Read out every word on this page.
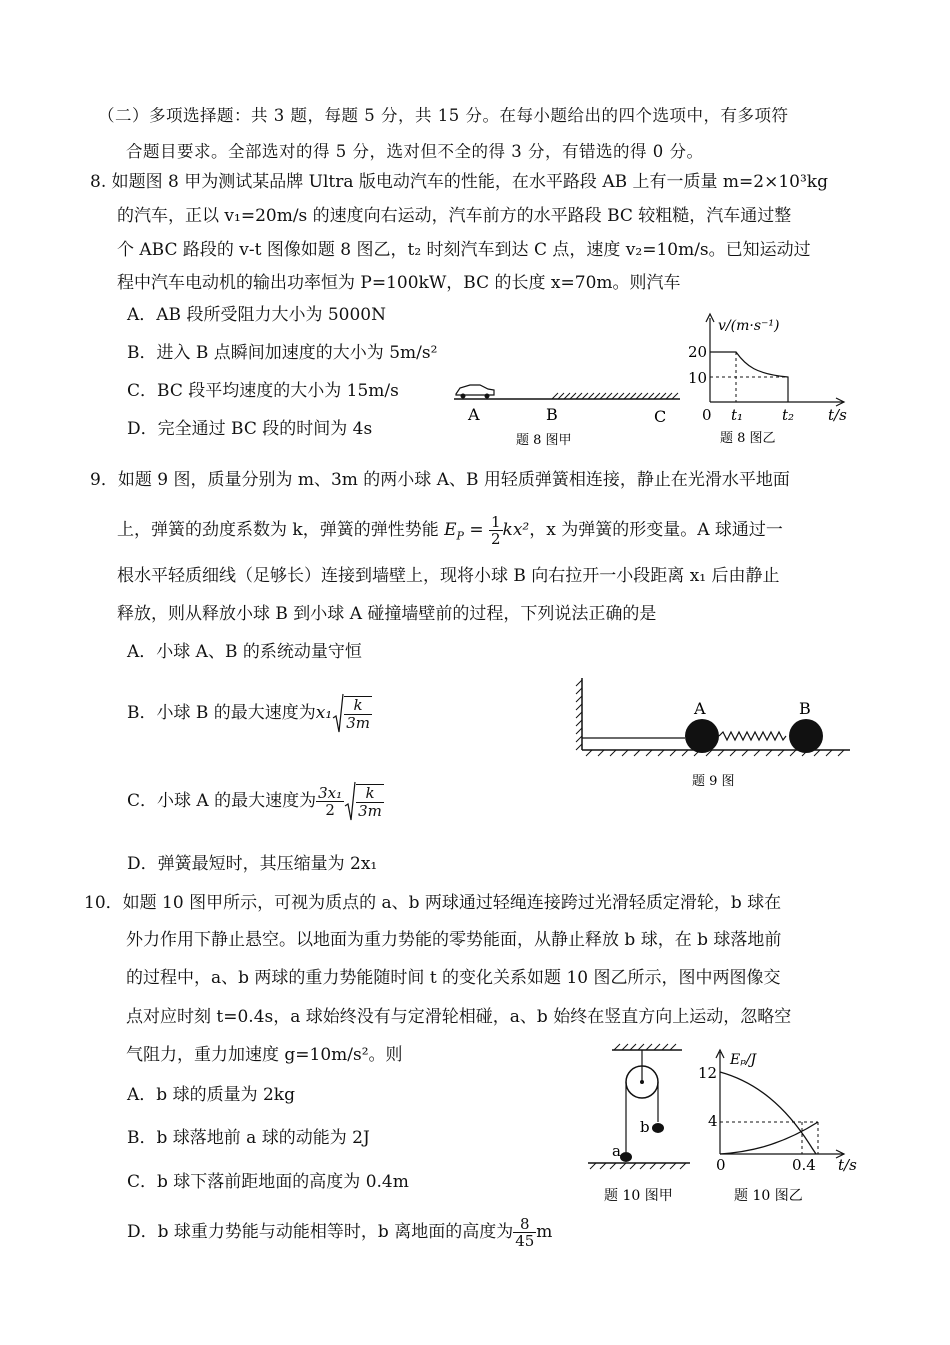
（二）多项选择题：共 3 题，每题 5 分，共 15 分。在每小题给出的四个选项中，有多项符
合题目要求。全部选对的得 5 分，选对但不全的得 3 分，有错选的得 0 分。
8. 如题图 8 甲为测试某品牌 Ultra 版电动汽车的性能，在水平路段 AB 上有一质量 m=2×10³kg
的汽车，正以 v₁=20m/s 的速度向右运动，汽车前方的水平路段 BC 较粗糙，汽车通过整
个 ABC 路段的 v-t 图像如题 8 图乙，t₂ 时刻汽车到达 C 点，速度 v₂=10m/s。已知运动过
程中汽车电动机的输出功率恒为 P=100kW，BC 的长度 x=70m。则汽车
A．AB 段所受阻力大小为 5000N
B．进入 B 点瞬间加速度的大小为 5m/s²
C．BC 段平均速度的大小为 15m/s
D．完全通过 BC 段的时间为 4s
A	B	C
题 8 图甲
v/(m·s⁻¹)
20
10
0 t₁	t₂ t/s
题 8 图乙
9．如题 9 图，质量分别为 m、3m 的两小球 A、B 用轻质弹簧相连接，静止在光滑水平地面
上，弹簧的劲度系数为 k，弹簧的弹性势能 $E_P = \frac{1}{2} kx^2$，x 为弹簧的形变量。A 球通过一
根水平轻质细线（足够长）连接到墙壁上，现将小球 B 向右拉开一小段距离 x₁ 后由静止
释放，则从释放小球 B 到小球 A 碰撞墙壁前的过程，下列说法正确的是
A．小球 A、B 的系统动量守恒
B．小球 B 的最大速度为$x_1 \frac{k}{3m}$
C．小球 A 的最大速度为 $\frac{\text{3x₁}}{2} \frac{k}{3m}$
D．弹簧最短时，其压缩量为 2x₁
A	B
题 9 图
10．如题 10 图甲所示，可视为质点的 a、b 两球通过轻绳连接跨过光滑轻质定滑轮，b 球在
外力作用下静止悬空。以地面为重力势能的零势能面，从静止释放 b 球，在 b 球落地前
的过程中，a、b 两球的重力势能随时间 t 的变化关系如题 10 图乙所示，图中两图像交
点对应时刻 t=0.4s，a 球始终没有与定滑轮相碰，a、b 始终在竖直方向上运动，忽略空
气阻力，重力加速度 g=10m/s²。则
A．b 球的质量为 2kg
B．b 球落地前 a 球的动能为 2J
C．b 球下落前距地面的高度为 0.4m
D．b 球重力势能与动能相等时，b 离地面的高度为 $\frac{8}{45}$ m
b
a
题 10 图甲
Eₚ/J
12
4
0	0.4 t/s
题 10 图乙
